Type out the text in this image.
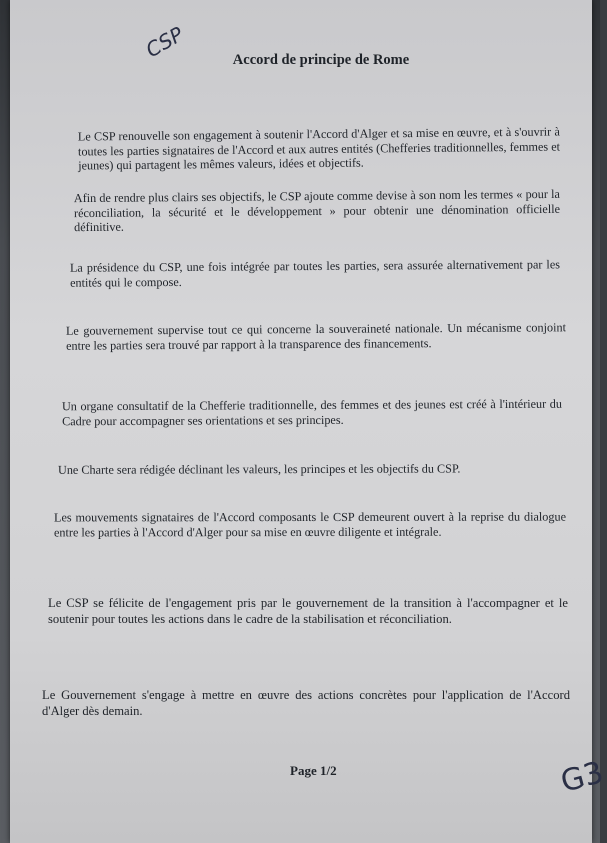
CSP	Accord de principe de Rome
Le CSP renouvelle son engagement à soutenir l'Accord d'Alger et sa mise en œuvre, et à s'ouvrir à toutes les parties signataires de l'Accord et aux autres entités (Chefferies traditionnelles, femmes et jeunes) qui partagent les mêmes valeurs, idées et objectifs.
Afin de rendre plus clairs ses objectifs, le CSP ajoute comme devise à son nom les termes « pour la réconciliation, la sécurité et le développement » pour obtenir une dénomination officielle définitive.
La présidence du CSP, une fois intégrée par toutes les parties, sera assurée alternativement par les entités qui le compose.
Le gouvernement supervise tout ce qui concerne la souveraineté nationale. Un mécanisme conjoint entre les parties sera trouvé par rapport à la transparence des financements.
Un organe consultatif de la Chefferie traditionnelle, des femmes et des jeunes est créé à l'intérieur du Cadre pour accompagner ses orientations et ses principes.
Une Charte sera rédigée déclinant les valeurs, les principes et les objectifs du CSP.
Les mouvements signataires de l'Accord composants le CSP demeurent ouvert à la reprise du dialogue entre les parties à l'Accord d'Alger pour sa mise en œuvre diligente et intégrale.
Le CSP se félicite de l'engagement pris par le gouvernement de la transition à l'accompagner et le soutenir pour toutes les actions dans le cadre de la stabilisation et réconciliation.
Le Gouvernement s'engage à mettre en œuvre des actions concrètes pour l'application de l'Accord d'Alger dès demain.
Page 1/2	G3
